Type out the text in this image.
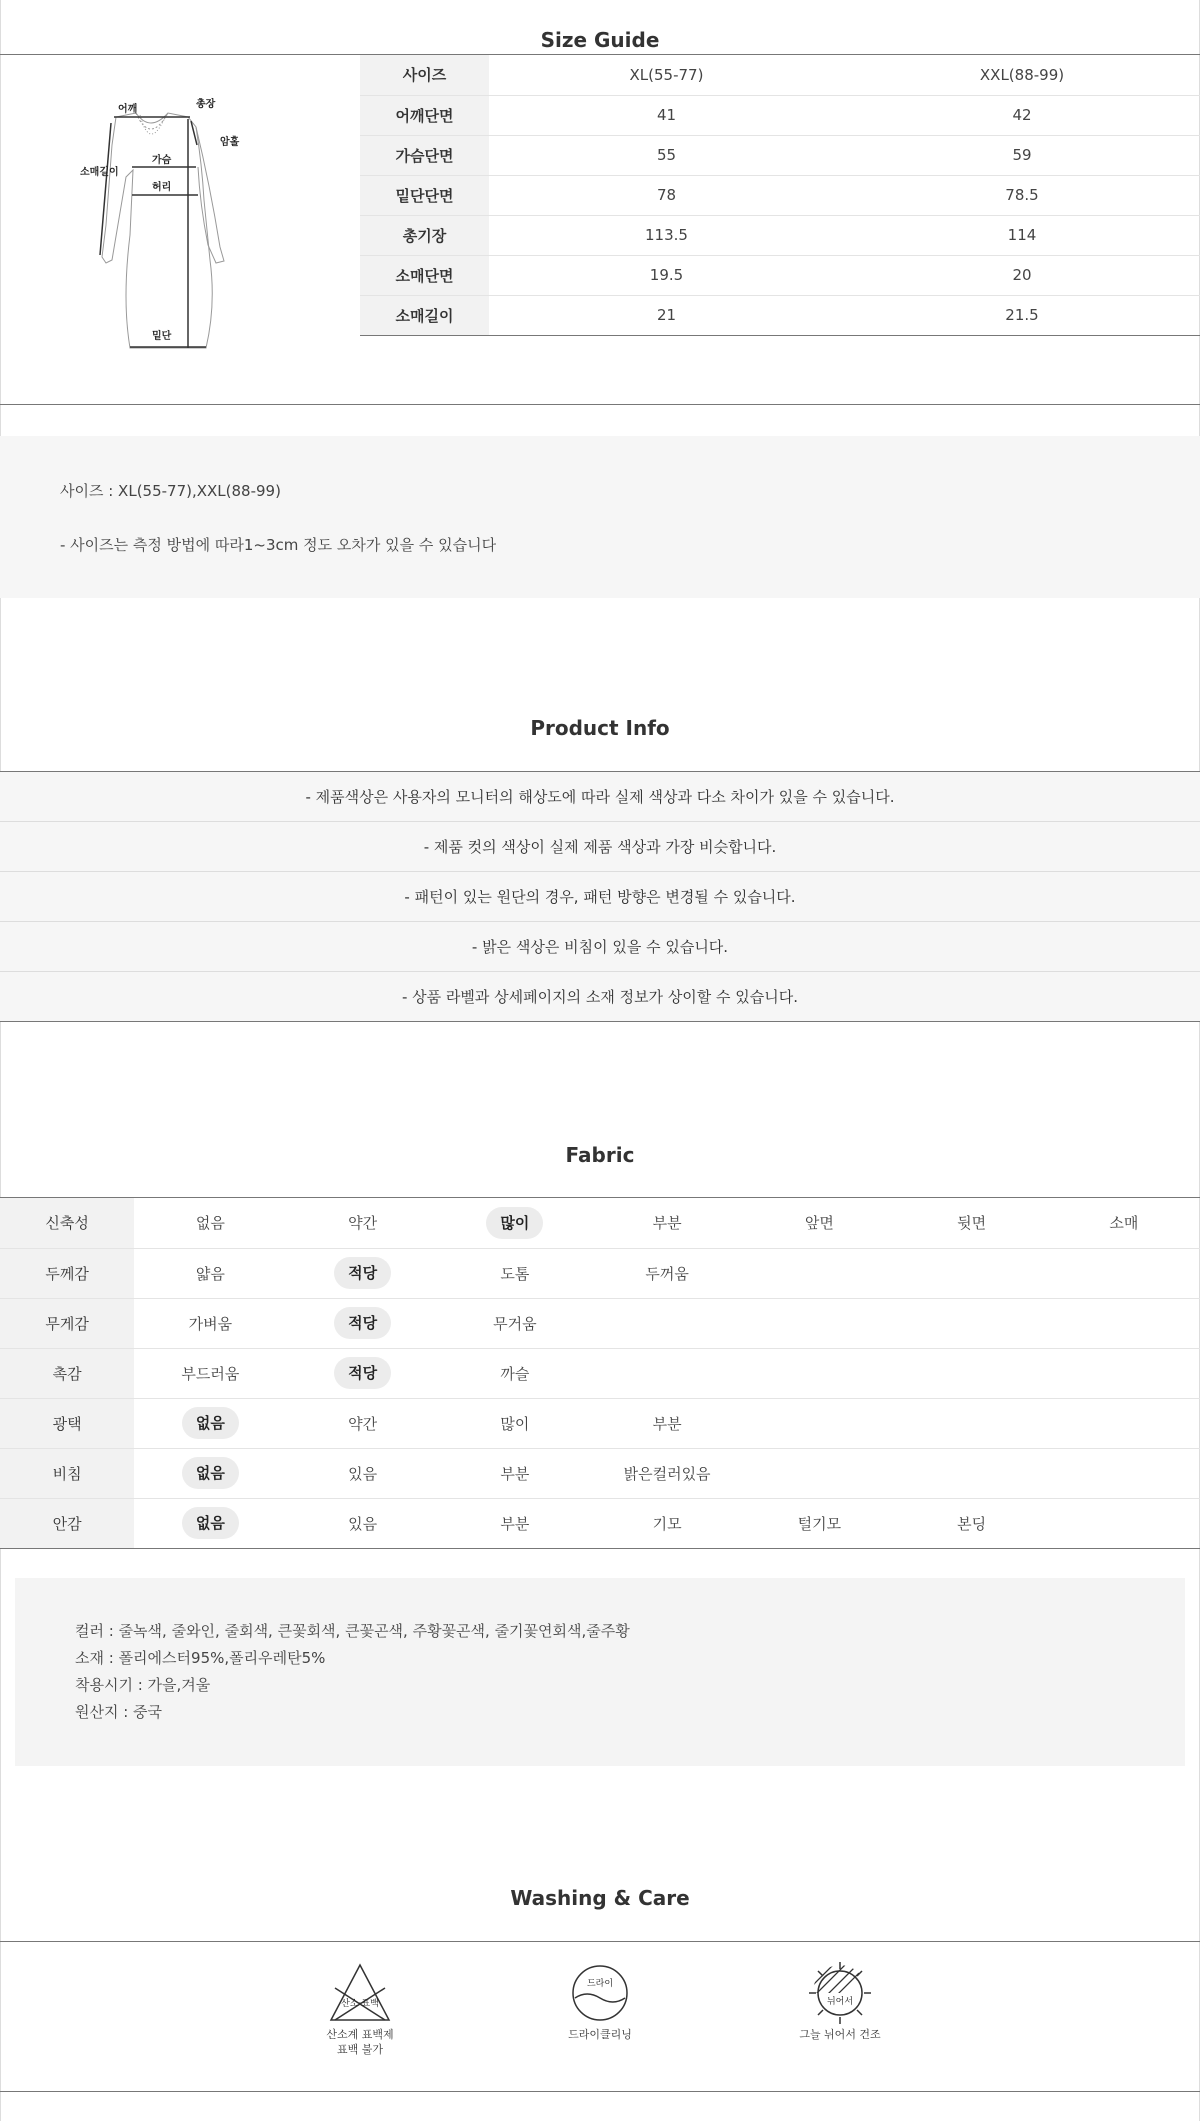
Size Guide
어깨	총장
암홀
소매길이
가슴
허리
밑단
사이즈	XL(55-77)	XXL(88-99)
어깨단면	41	42
가슴단면	55	59
밑단단면	78	78.5
총기장	113.5	114
소매단면	19.5	20
소매길이	21	21.5

사이즈 : XL(55-77),XXL(88-99)

- 사이즈는 측정 방법에 따라1~3cm 정도 오차가 있을 수 있습니다

Product Info
- 제품색상은 사용자의 모니터의 해상도에 따라 실제 색상과 다소 차이가 있을 수 있습니다.
- 제품 컷의 색상이 실제 제품 색상과 가장 비슷합니다.
- 패턴이 있는 원단의 경우, 패턴 방향은 변경될 수 있습니다.
- 밝은 색상은 비침이 있을 수 있습니다.
- 상품 라벨과 상세페이지의 소재 정보가 상이할 수 있습니다.
Fabric
신축성	없음	약간	많이	부분	앞면	뒷면	소매
두께감	얇음	적당	도톰	두꺼움			
무게감	가벼움	적당	무거움				
촉감	부드러움	적당	까슬				
광택	없음	약간	많이	부분			
비침	없음	있음	부분	밝은컬러있음			
안감	없음	있음	부분	기모	털기모	본딩	

컬러 : 줄녹색, 줄와인, 줄회색, 큰꽃회색, 큰꽃곤색, 주황꽃곤색, 줄기꽃연회색,줄주황

소재 : 폴리에스터95%,폴리우레탄5%

착용시기 : 가을,겨울

원산지 : 중국

Washing & Care
산소·표백
산소계 표백제
표백 불가
드라이
드라이클리닝
뉘어서
그늘 뉘어서 건조
